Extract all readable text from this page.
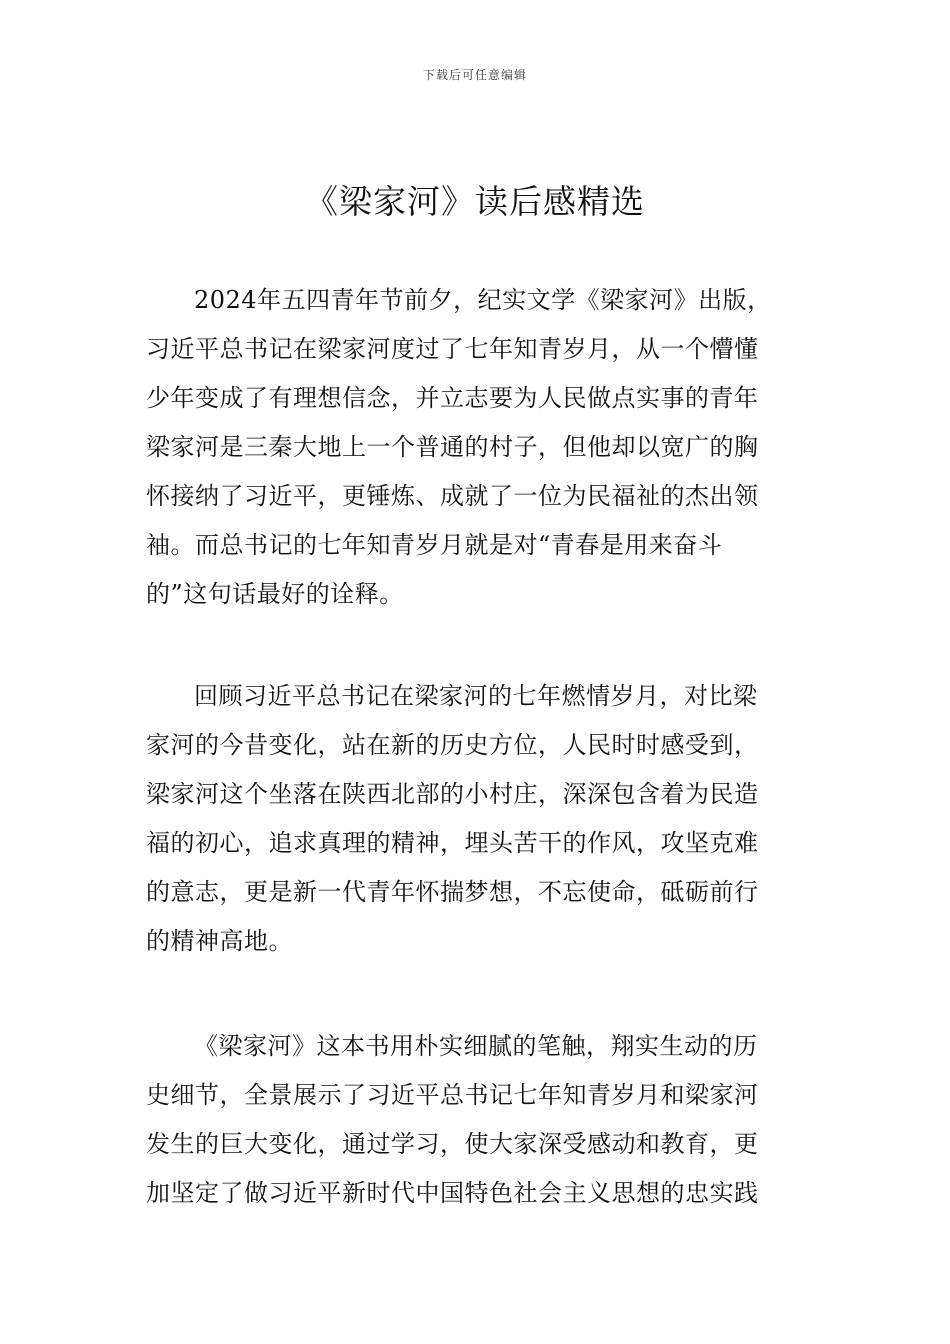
下载后可任意编辑
《梁家河》读后感精选

2024年五四青年节前夕，纪实文学《梁家河》出版，
习近平总书记在梁家河度过了七年知青岁月，从一个懵懂
少年变成了有理想信念，并立志要为人民做点实事的青年
梁家河是三秦大地上一个普通的村子，但他却以宽广的胸
怀接纳了习近平，更锤炼、成就了一位为民福祉的杰出领
袖。而总书记的七年知青岁月就是对“青春是用来奋斗
的”这句话最好的诠释。

回顾习近平总书记在梁家河的七年燃情岁月，对比梁
家河的今昔变化，站在新的历史方位，人民时时感受到，
梁家河这个坐落在陕西北部的小村庄，深深包含着为民造
福的初心，追求真理的精神，埋头苦干的作风，攻坚克难
的意志，更是新一代青年怀揣梦想，不忘使命，砥砺前行
的精神高地。

《梁家河》这本书用朴实细腻的笔触，翔实生动的历
史细节，全景展示了习近平总书记七年知青岁月和梁家河
发生的巨大变化，通过学习，使大家深受感动和教育，更
加坚定了做习近平新时代中国特色社会主义思想的忠实践
